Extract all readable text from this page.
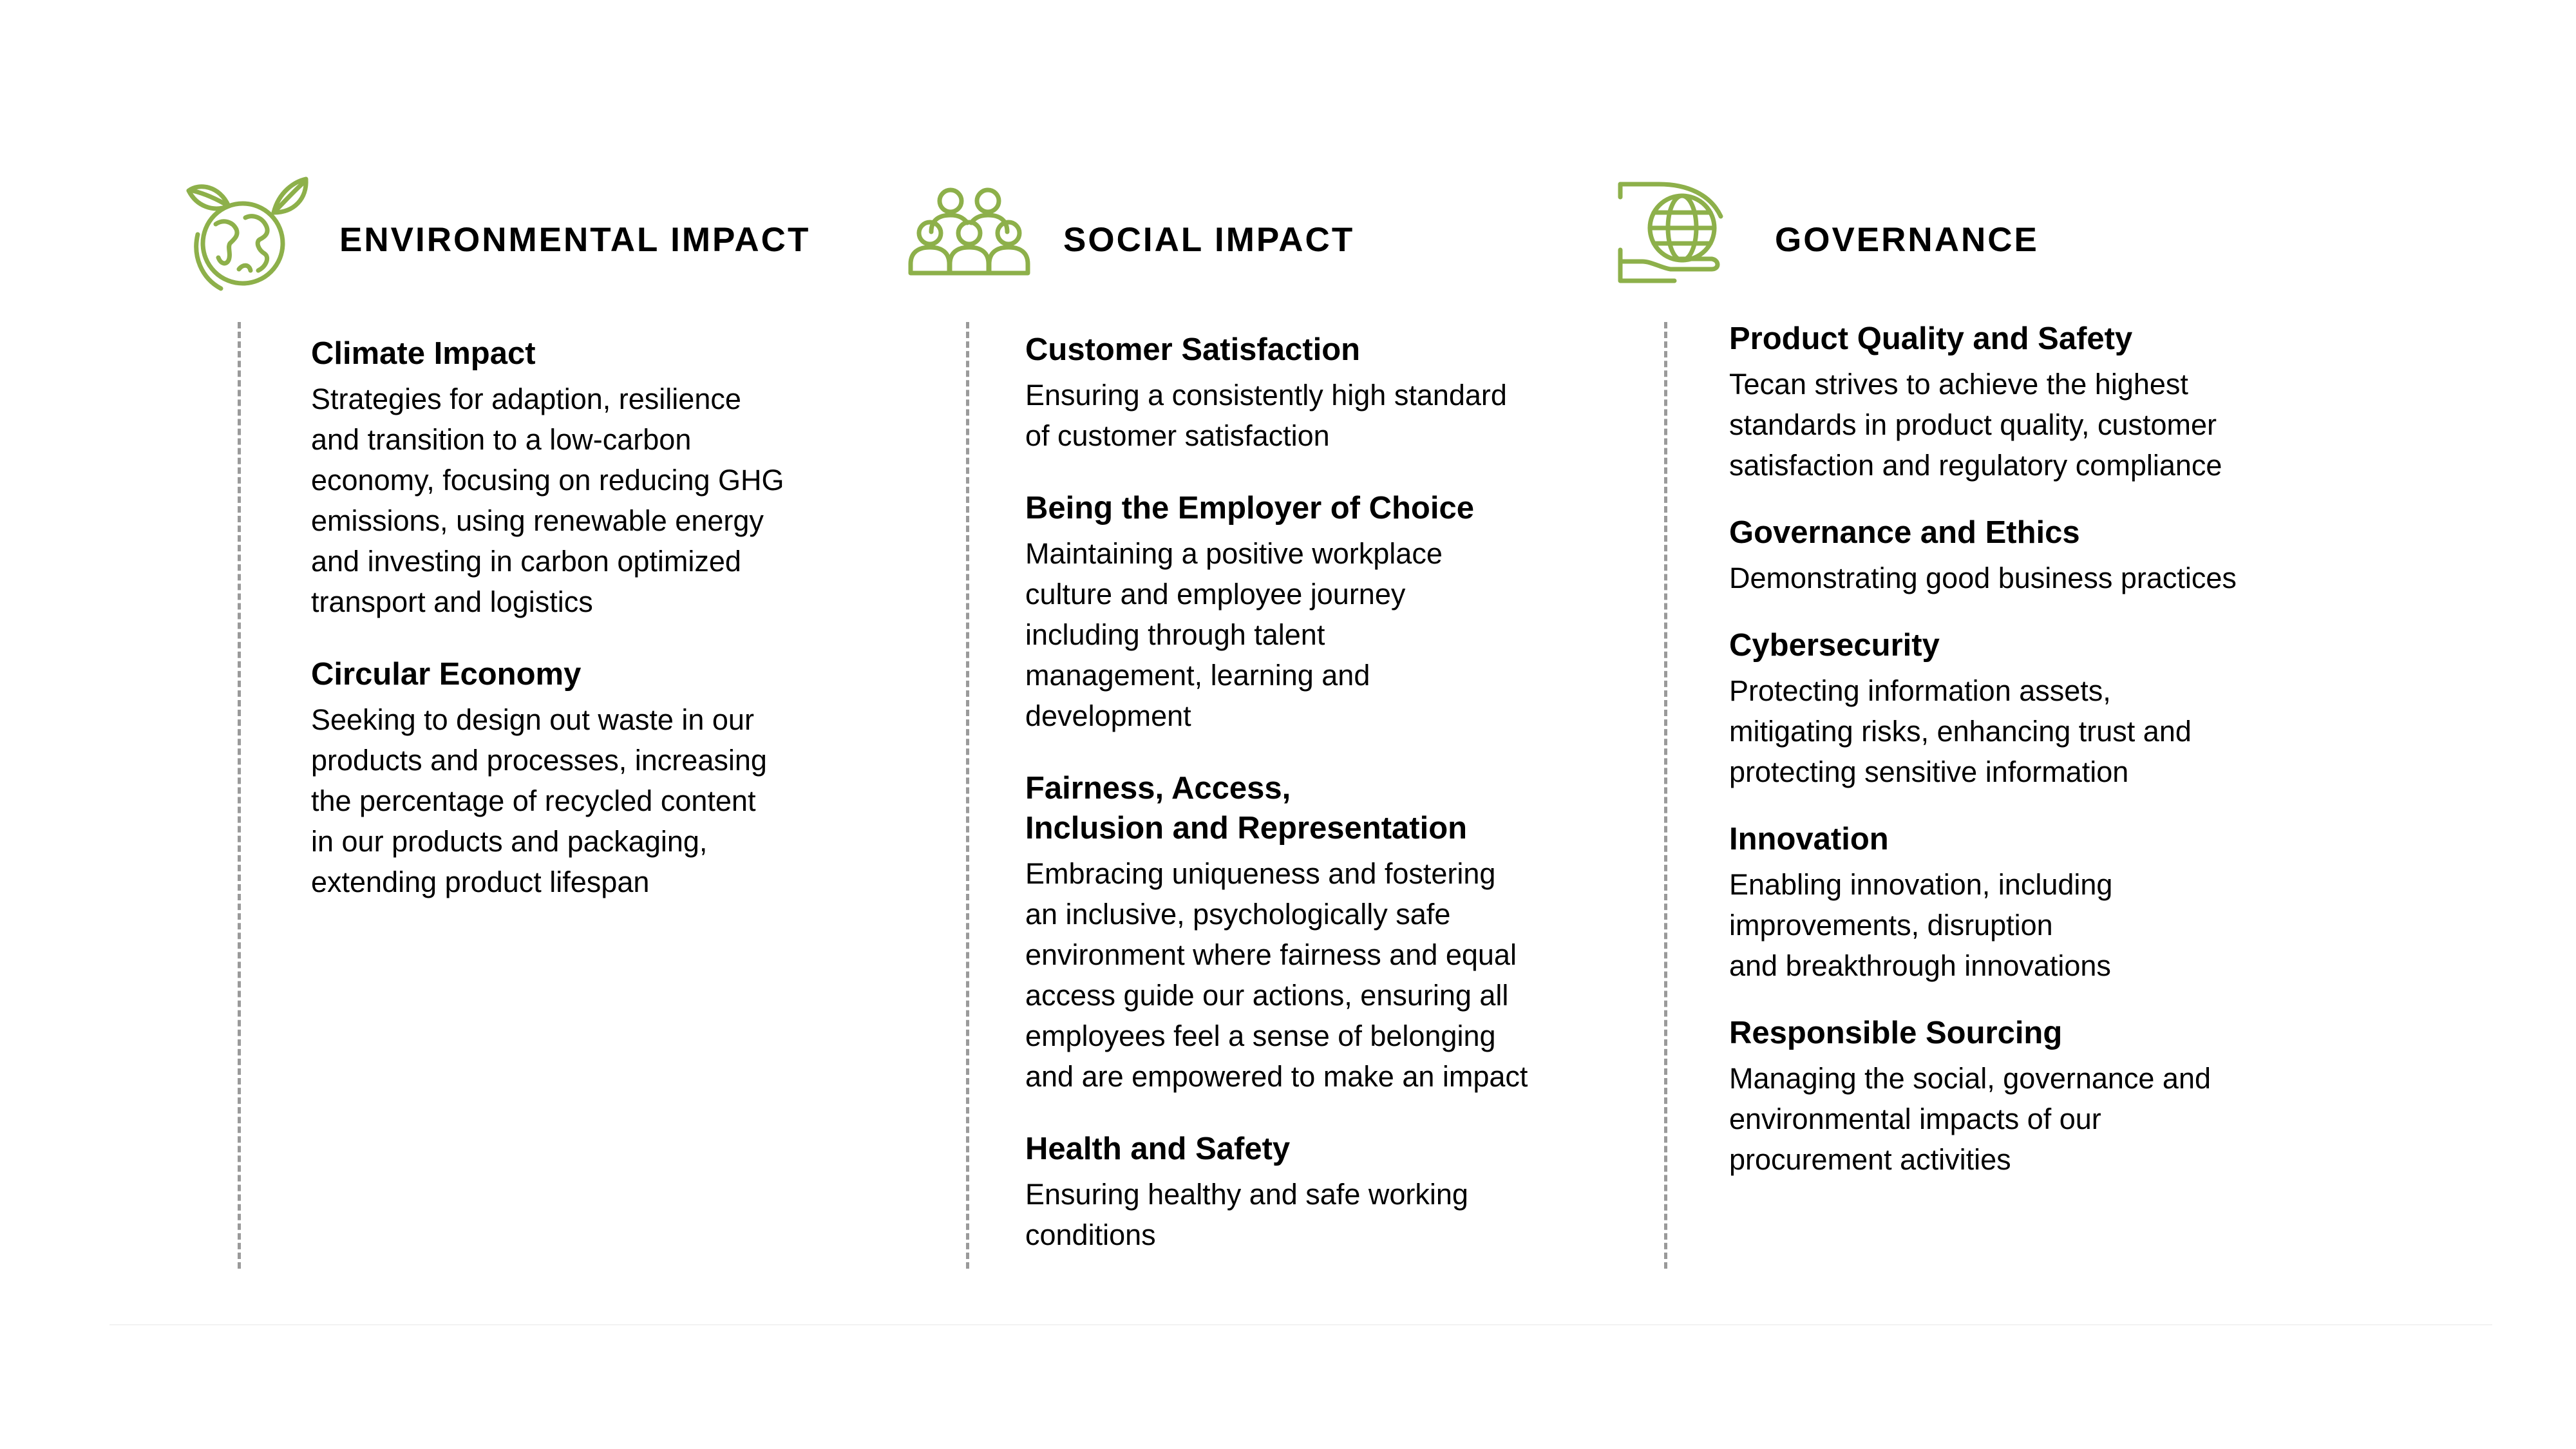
ENVIRONMENTAL IMPACT
Climate Impact
Strategies for adaption, resilience
and transition to a low-carbon
economy, focusing on reducing GHG
emissions, using renewable energy
and investing in carbon optimized
transport and logistics
Circular Economy
Seeking to design out waste in our
products and processes, increasing
the percentage of recycled content
in our products and packaging,
extending product lifespan
SOCIAL IMPACT
Customer Satisfaction
Ensuring a consistently high standard
of customer satisfaction
Being the Employer of Choice
Maintaining a positive workplace
culture and employee journey
including through talent
management, learning and
development
Fairness, Access,
Inclusion and Representation
Embracing uniqueness and fostering
an inclusive, psychologically safe
environment where fairness and equal
access guide our actions, ensuring all
employees feel a sense of belonging
and are empowered to make an impact
Health and Safety
Ensuring healthy and safe working
conditions
GOVERNANCE
Product Quality and Safety
Tecan strives to achieve the highest
standards in product quality, customer
satisfaction and regulatory compliance
Governance and Ethics
Demonstrating good business practices
Cybersecurity
Protecting information assets,
mitigating risks, enhancing trust and
protecting sensitive information
Innovation
Enabling innovation, including
improvements, disruption
and breakthrough innovations
Responsible Sourcing
Managing the social, governance and
environmental impacts of our
procurement activities
